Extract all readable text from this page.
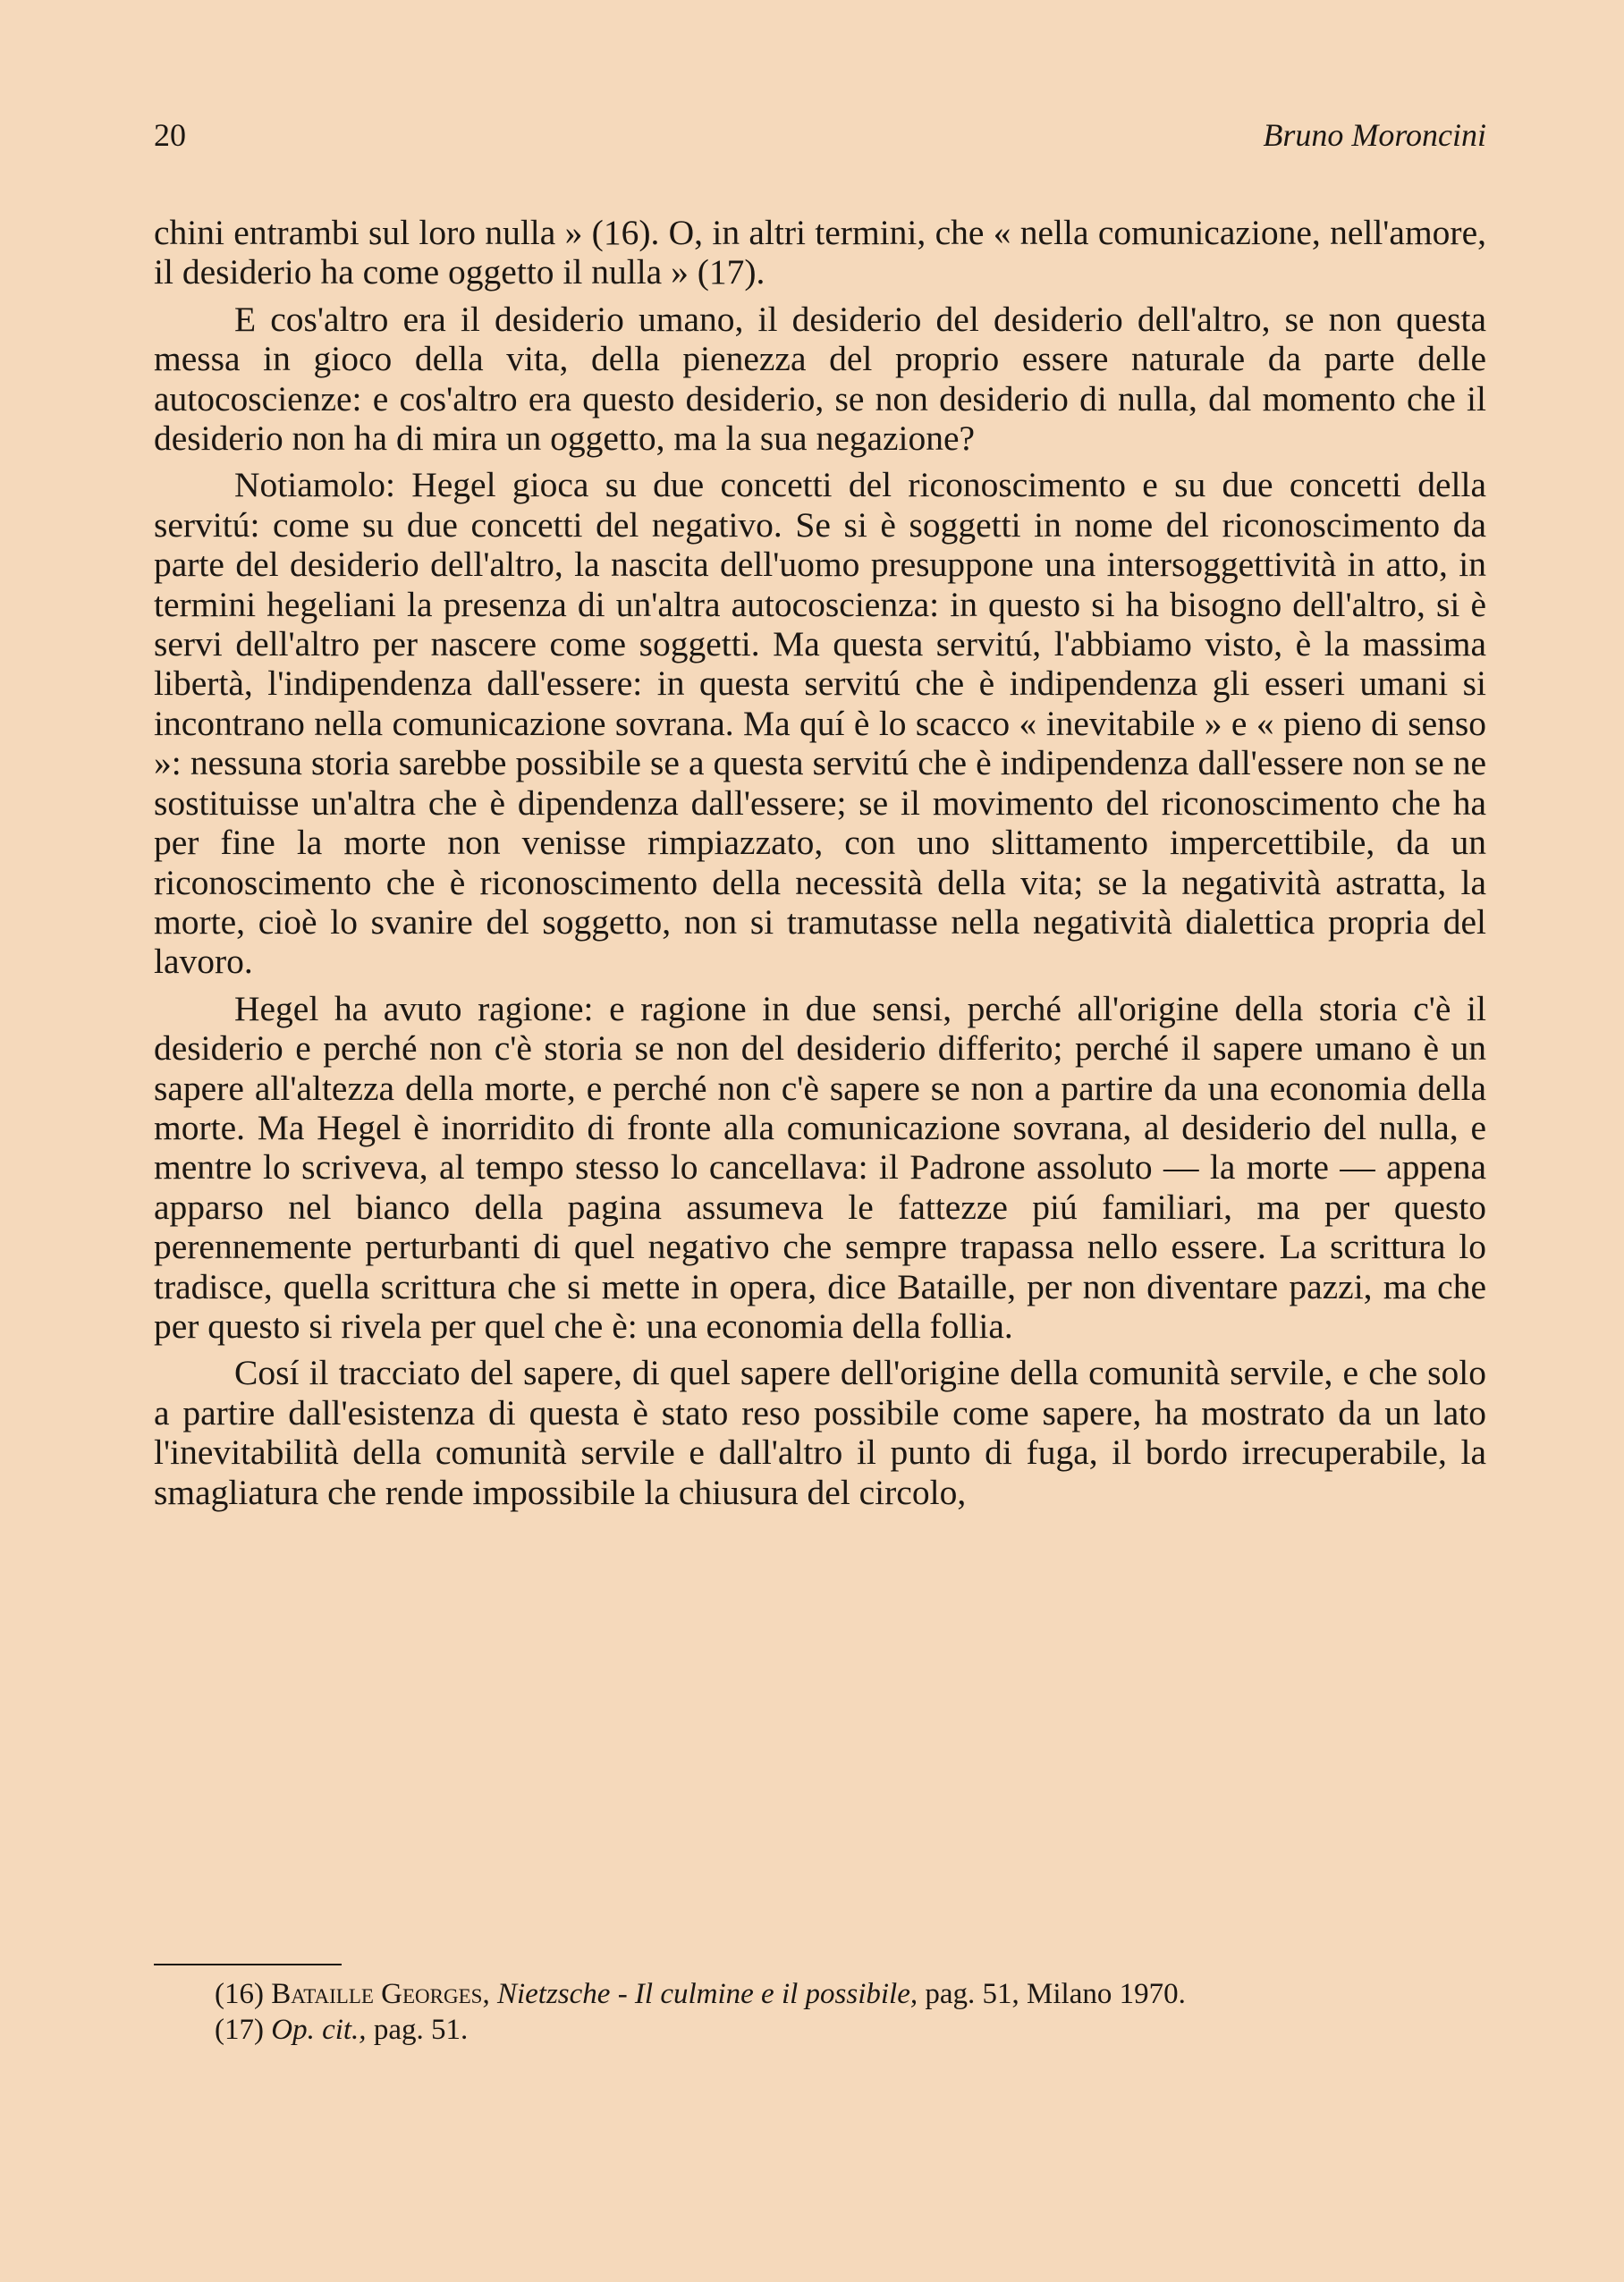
20	Bruno Moroncini

chini entrambi sul loro nulla » (16). O, in altri termini, che « nella comunicazione, nell'amore, il desiderio ha come oggetto il nulla » (17).

E cos'altro era il desiderio umano, il desiderio del desiderio dell'altro, se non questa messa in gioco della vita, della pienezza del proprio essere naturale da parte delle autocoscienze: e cos'altro era questo desiderio, se non desiderio di nulla, dal momento che il desiderio non ha di mira un oggetto, ma la sua negazione?

Notiamolo: Hegel gioca su due concetti del riconoscimento e su due concetti della servitú: come su due concetti del negativo. Se si è soggetti in nome del riconoscimento da parte del desiderio dell'altro, la nascita dell'uomo presuppone una intersoggettività in atto, in termini hegeliani la presenza di un'altra autocoscienza: in questo si ha bisogno dell'altro, si è servi dell'altro per nascere come soggetti. Ma questa servitú, l'abbiamo visto, è la massima libertà, l'indipendenza dall'essere: in questa servitú che è indipendenza gli esseri umani si incontrano nella comunicazione sovrana. Ma quí è lo scacco « inevitabile » e « pieno di senso »: nessuna storia sarebbe possibile se a questa servitú che è indipendenza dall'essere non se ne sostituisse un'altra che è dipendenza dall'essere; se il movimento del riconoscimento che ha per fine la morte non venisse rimpiazzato, con uno slittamento impercettibile, da un riconoscimento che è riconoscimento della necessità della vita; se la negatività astratta, la morte, cioè lo svanire del soggetto, non si tramutasse nella negatività dialettica propria del lavoro.

Hegel ha avuto ragione: e ragione in due sensi, perché all'origine della storia c'è il desiderio e perché non c'è storia se non del desiderio differito; perché il sapere umano è un sapere all'altezza della morte, e perché non c'è sapere se non a partire da una economia della morte. Ma Hegel è inorridito di fronte alla comunicazione sovrana, al desiderio del nulla, e mentre lo scriveva, al tempo stesso lo cancellava: il Padrone assoluto — la morte — appena apparso nel bianco della pagina assumeva le fattezze piú familiari, ma per questo perennemente perturbanti di quel negativo che sempre trapassa nello essere. La scrittura lo tradisce, quella scrittura che si mette in opera, dice Bataille, per non diventare pazzi, ma che per questo si rivela per quel che è: una economia della follia.

Cosí il tracciato del sapere, di quel sapere dell'origine della comunità servile, e che solo a partire dall'esistenza di questa è stato reso possibile come sapere, ha mostrato da un lato l'inevitabilità della comunità servile e dall'altro il punto di fuga, il bordo irrecuperabile, la smagliatura che rende impossibile la chiusura del circolo,

(16) Bataille Georges, Nietzsche - Il culmine e il possibile, pag. 51, Milano 1970.

(17) Op. cit., pag. 51.
